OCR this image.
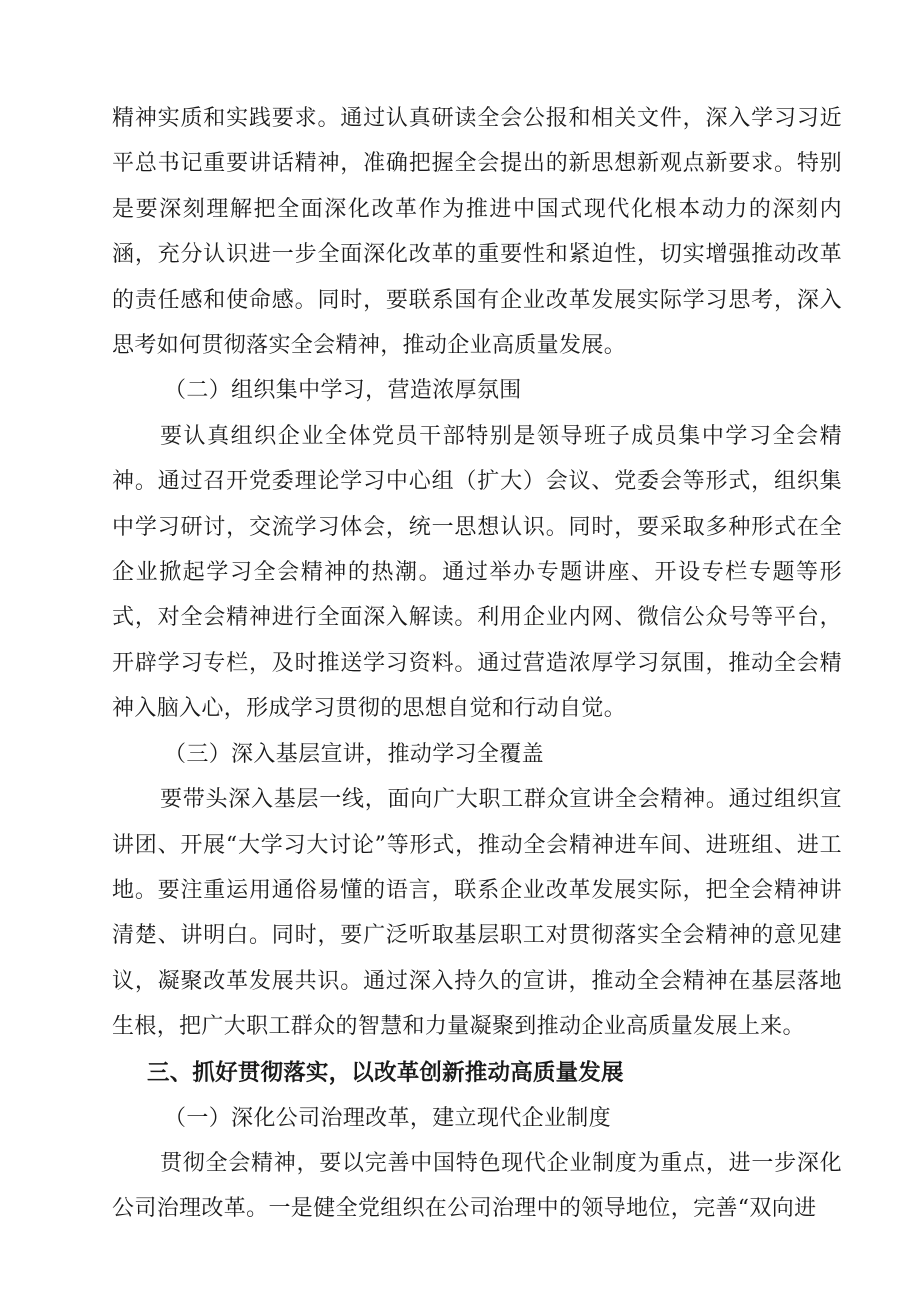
精神实质和实践要求。通过认真研读全会公报和相关文件，深入学习习近平总书记重要讲话精神，准确把握全会提出的新思想新观点新要求。特别是要深刻理解把全面深化改革作为推进中国式现代化根本动力的深刻内涵，充分认识进一步全面深化改革的重要性和紧迫性，切实增强推动改革的责任感和使命感。同时，要联系国有企业改革发展实际学习思考，深入思考如何贯彻落实全会精神，推动企业高质量发展。

（二）组织集中学习，营造浓厚氛围

要认真组织企业全体党员干部特别是领导班子成员集中学习全会精神。通过召开党委理论学习中心组（扩大）会议、党委会等形式，组织集中学习研讨，交流学习体会，统一思想认识。同时，要采取多种形式在全企业掀起学习全会精神的热潮。通过举办专题讲座、开设专栏专题等形式，对全会精神进行全面深入解读。利用企业内网、微信公众号等平台，开辟学习专栏，及时推送学习资料。通过营造浓厚学习氛围，推动全会精神入脑入心，形成学习贯彻的思想自觉和行动自觉。

（三）深入基层宣讲，推动学习全覆盖

要带头深入基层一线，面向广大职工群众宣讲全会精神。通过组织宣讲团、开展“大学习大讨论”等形式，推动全会精神进车间、进班组、进工地。要注重运用通俗易懂的语言，联系企业改革发展实际，把全会精神讲清楚、讲明白。同时，要广泛听取基层职工对贯彻落实全会精神的意见建议，凝聚改革发展共识。通过深入持久的宣讲，推动全会精神在基层落地生根，把广大职工群众的智慧和力量凝聚到推动企业高质量发展上来。

三、抓好贯彻落实，以改革创新推动高质量发展

（一）深化公司治理改革，建立现代企业制度

贯彻全会精神，要以完善中国特色现代企业制度为重点，进一步深化公司治理改革。一是健全党组织在公司治理中的领导地位，完善“双向进
